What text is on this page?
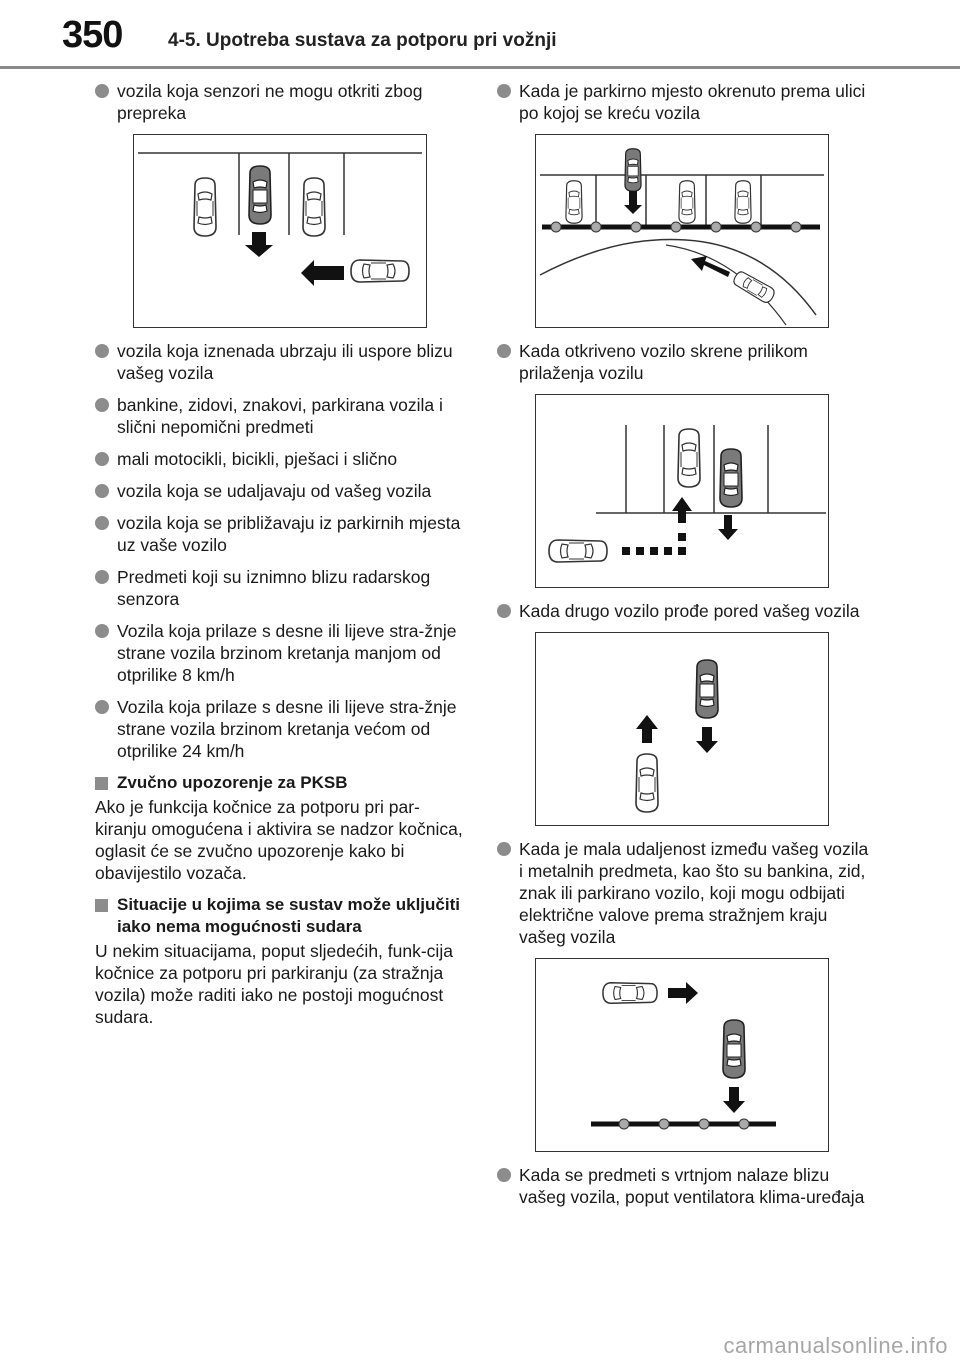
350 4-5. Upotreba sustava za potporu pri vožnji
vozila koja senzori ne mogu otkriti zbog prepreka
vozila koja iznenada ubrzaju ili uspore blizu vašeg vozila
bankine, zidovi, znakovi, parkirana vozila i slični nepomični predmeti
mali motocikli, bicikli, pješaci i slično
vozila koja se udaljavaju od vašeg vozila
vozila koja se približavaju iz parkirnih mjesta uz vaše vozilo
Predmeti koji su iznimno blizu radarskog senzora
Vozila koja prilaze s desne ili lijeve stra-žnje strane vozila brzinom kretanja manjom od otprilike 8 km/h
Vozila koja prilaze s desne ili lijeve stra-žnje strane vozila brzinom kretanja većom od otprilike 24 km/h
Zvučno upozorenje za PKSB
Ako je funkcija kočnice za potporu pri par-kiranju omogućena i aktivira se nadzor kočnica, oglasit će se zvučno upozorenje kako bi obavijestilo vozača.
Situacije u kojima se sustav može uključiti iako nema mogućnosti sudara
U nekim situacijama, poput sljedećih, funk-cija kočnice za potporu pri parkiranju (za stražnja vozila) može raditi iako ne postoji mogućnost sudara.
Kada je parkirno mjesto okrenuto prema ulici po kojoj se kreću vozila
Kada otkriveno vozilo skrene prilikom prilaženja vozilu
Kada drugo vozilo prođe pored vašeg vozila
Kada je mala udaljenost između vašeg vozila i metalnih predmeta, kao što su bankina, zid, znak ili parkirano vozilo, koji mogu odbijati električne valove prema stražnjem kraju vašeg vozila
Kada se predmeti s vrtnjom nalaze blizu vašeg vozila, poput ventilatora klima-uređaja
carmanualsonline.info
